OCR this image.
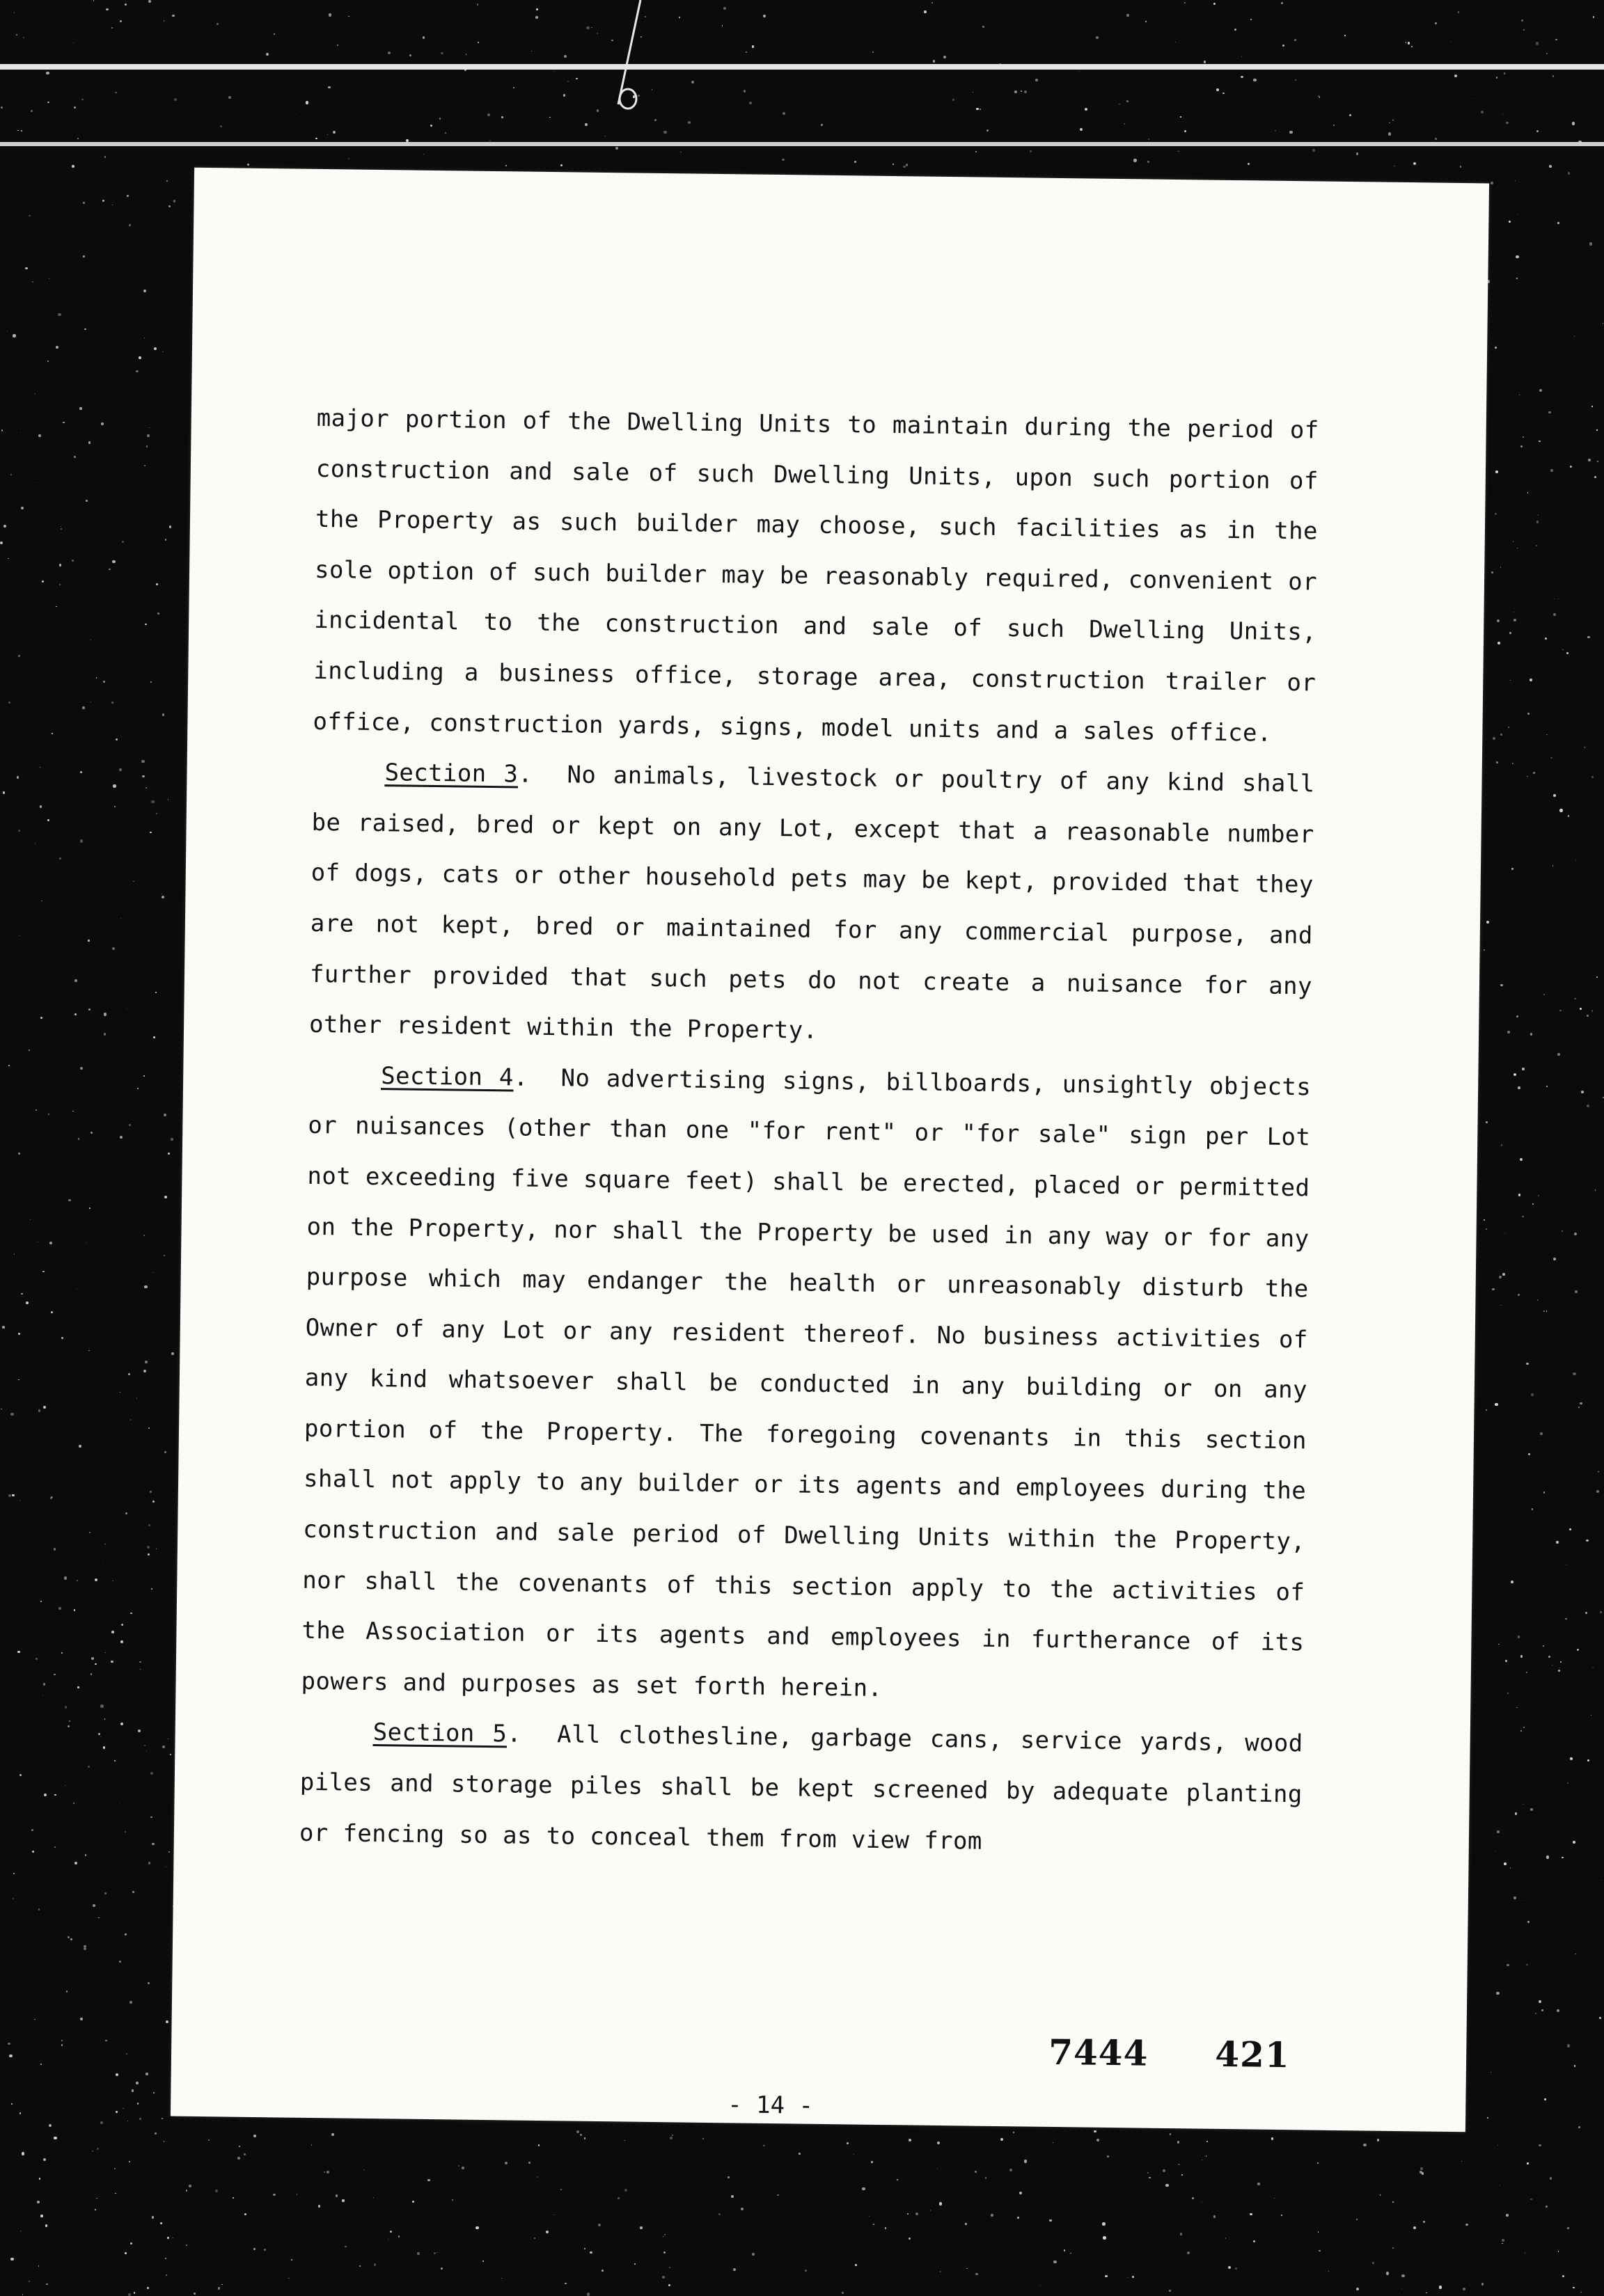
major portion of the Dwelling Units to maintain during the period of construction and sale of such Dwelling Units, upon such portion of the Property as such builder may choose, such facilities as in the sole option of such builder may be reasonably required, convenient or incidental to the construction and sale of such Dwelling Units, including a business office, storage area, construction trailer or office, construction yards, signs, model units and a sales office.

Section 3. No animals, livestock or poultry of any kind shall be raised, bred or kept on any Lot, except that a reasonable number of dogs, cats or other household pets may be kept, provided that they are not kept, bred or maintained for any commercial purpose, and further provided that such pets do not create a nuisance for any other resident within the Property.

Section 4. No advertising signs, billboards, unsightly objects or nuisances (other than one "for rent" or "for sale" sign per Lot not exceeding five square feet) shall be erected, placed or permitted on the Property, nor shall the Property be used in any way or for any purpose which may endanger the health or unreasonably disturb the Owner of any Lot or any resident thereof. No business activities of any kind whatsoever shall be conducted in any building or on any portion of the Property. The foregoing covenants in this section shall not apply to any builder or its agents and employees during the construction and sale period of Dwelling Units within the Property, nor shall the covenants of this section apply to the activities of the Association or its agents and employees in furtherance of its powers and purposes as set forth herein.

Section 5. All clothesline, garbage cans, service yards, wood piles and storage piles shall be kept screened by adequate planting or fencing so as to conceal them from view from

7444 421
- 14 -
